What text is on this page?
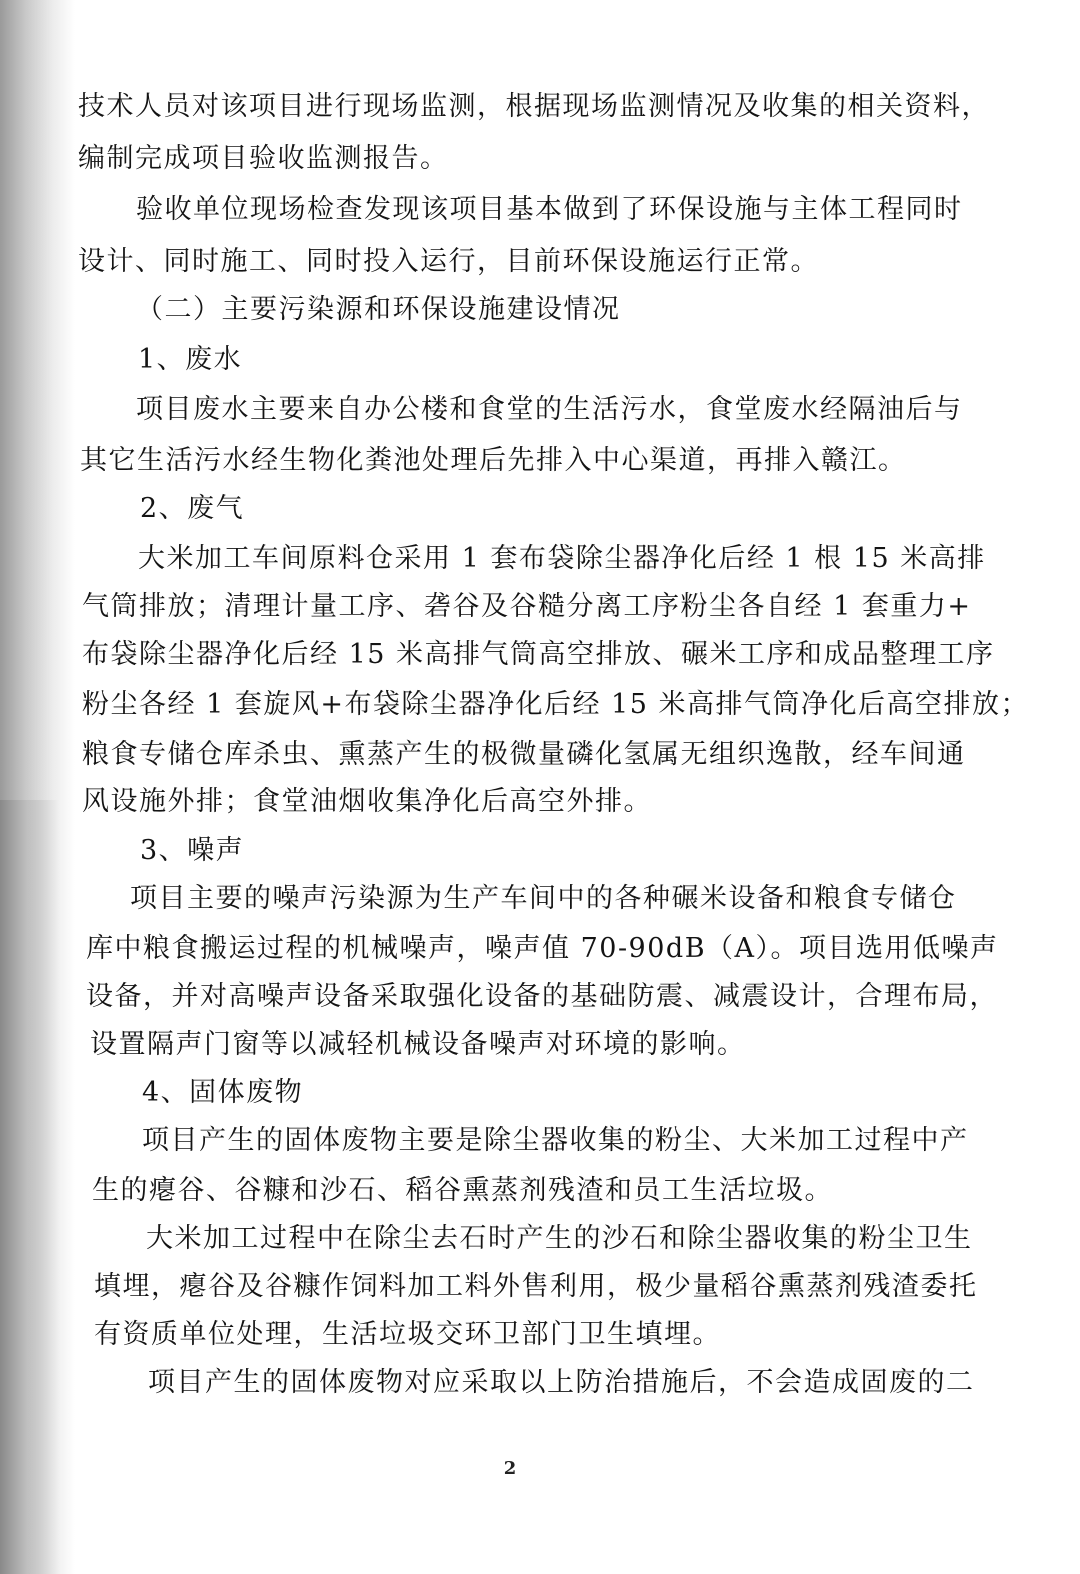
技术人员对该项目进行现场监测，根据现场监测情况及收集的相关资料，
编制完成项目验收监测报告。
验收单位现场检查发现该项目基本做到了环保设施与主体工程同时
设计、同时施工、同时投入运行，目前环保设施运行正常。
（二）主要污染源和环保设施建设情况
1、废水
项目废水主要来自办公楼和食堂的生活污水，食堂废水经隔油后与
其它生活污水经生物化粪池处理后先排入中心渠道，再排入赣江。
2、废气
大米加工车间原料仓采用 1 套布袋除尘器净化后经 1 根 15 米高排
气筒排放；清理计量工序、砻谷及谷糙分离工序粉尘各自经 1 套重力+
布袋除尘器净化后经 15 米高排气筒高空排放、碾米工序和成品整理工序
粉尘各经 1 套旋风+布袋除尘器净化后经 15 米高排气筒净化后高空排放；
粮食专储仓库杀虫、熏蒸产生的极微量磷化氢属无组织逸散，经车间通
风设施外排；食堂油烟收集净化后高空外排。
3、噪声
项目主要的噪声污染源为生产车间中的各种碾米设备和粮食专储仓
库中粮食搬运过程的机械噪声，噪声值 70-90dB（A）。项目选用低噪声
设备，并对高噪声设备采取强化设备的基础防震、减震设计，合理布局，
设置隔声门窗等以减轻机械设备噪声对环境的影响。
4、固体废物
项目产生的固体废物主要是除尘器收集的粉尘、大米加工过程中产
生的瘪谷、谷糠和沙石、稻谷熏蒸剂残渣和员工生活垃圾。
大米加工过程中在除尘去石时产生的沙石和除尘器收集的粉尘卫生
填埋，瘪谷及谷糠作饲料加工料外售利用，极少量稻谷熏蒸剂残渣委托
有资质单位处理，生活垃圾交环卫部门卫生填埋。
项目产生的固体废物对应采取以上防治措施后，不会造成固废的二
2
